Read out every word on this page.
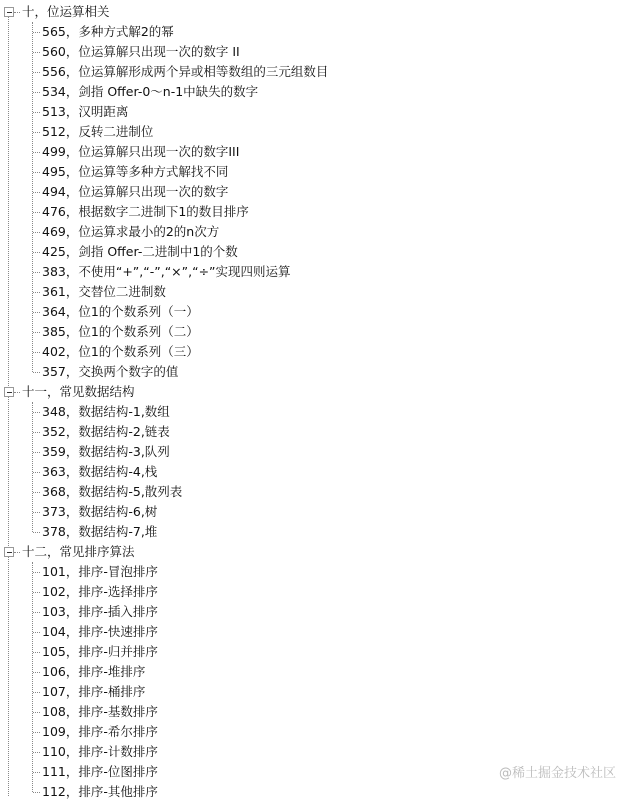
十，位运算相关
565，多种方式解2的幂
560，位运算解只出现一次的数字 II
556，位运算解形成两个异或相等数组的三元组数目
534，剑指 Offer-0～n-1中缺失的数字
513，汉明距离
512，反转二进制位
499，位运算解只出现一次的数字III
495，位运算等多种方式解找不同
494，位运算解只出现一次的数字
476，根据数字二进制下1的数目排序
469，位运算求最小的2的n次方
425，剑指 Offer-二进制中1的个数
383，不使用“+”,“-”,“×”,“÷”实现四则运算
361，交替位二进制数
364，位1的个数系列（一）
385，位1的个数系列（二）
402，位1的个数系列（三）
357，交换两个数字的值
十一，常见数据结构
348，数据结构-1,数组
352，数据结构-2,链表
359，数据结构-3,队列
363，数据结构-4,栈
368，数据结构-5,散列表
373，数据结构-6,树
378，数据结构-7,堆
十二，常见排序算法
101，排序-冒泡排序
102，排序-选择排序
103，排序-插入排序
104，排序-快速排序
105，排序-归并排序
106，排序-堆排序
107，排序-桶排序
108，排序-基数排序
109，排序-希尔排序
110，排序-计数排序
111，排序-位图排序
112，排序-其他排序
@稀土掘金技术社区
